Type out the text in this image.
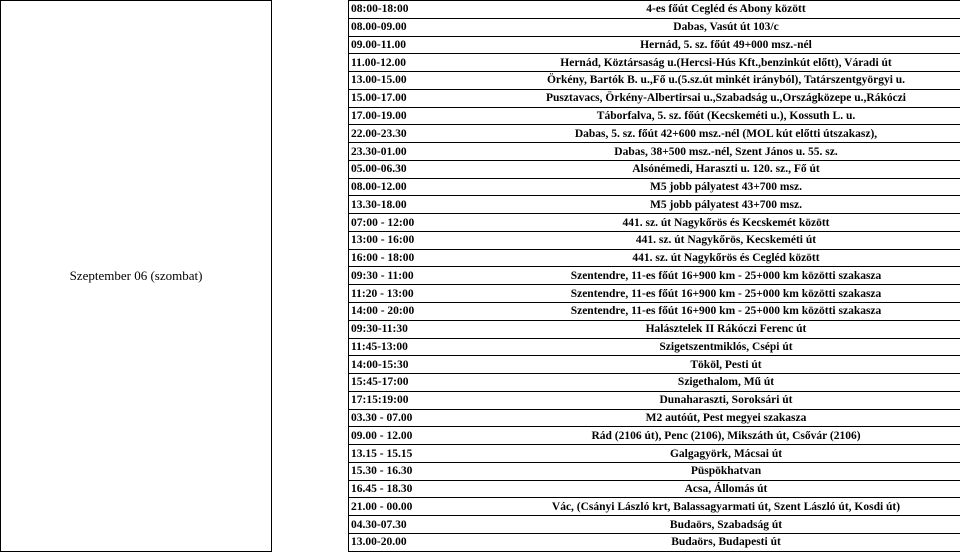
Szeptember 06 (szombat)		08:00-18:00	4-es főút Cegléd és Abony között	
		08.00-09.00	Dabas, Vasút út 103/c	
		09.00-11.00	Hernád, 5. sz. főút 49+000 msz.-nél	
		11.00-12.00	Hernád, Köztársaság u.(Hercsi-Hús Kft.,benzinkút előtt), Váradi út	
		13.00-15.00	Örkény, Bartók B. u.,Fő u.(5.sz.út minkét irányból), Tatárszentgyörgyi u.	
		15.00-17.00	Pusztavacs, Örkény-Albertirsai u.,Szabadság u.,Országközepe u.,Rákóczi	
		17.00-19.00	Táborfalva, 5. sz. főút (Kecskeméti u.), Kossuth L. u.	
		22.00-23.30	Dabas, 5. sz. főút 42+600 msz.-nél (MOL kút előtti útszakasz),	
		23.30-01.00	Dabas, 38+500 msz.-nél, Szent János u. 55. sz.	
		05.00-06.30	Alsónémedi, Haraszti u. 120. sz., Fő út	
		08.00-12.00	M5 jobb pályatest 43+700 msz.	
		13.30-18.00	M5 jobb pályatest 43+700 msz.	
		07:00 - 12:00	441. sz. út Nagykőrös és Kecskemét között	
		13:00 - 16:00	441. sz. út Nagykőrös, Kecskeméti út	
		16:00 - 18:00	441. sz. út Nagykőrös és Cegléd között	
		09:30 - 11:00	Szentendre, 11-es főút 16+900 km - 25+000 km közötti szakasza	
		11:20 - 13:00	Szentendre, 11-es főút 16+900 km - 25+000 km közötti szakasza	
		14:00 - 20:00	Szentendre, 11-es főút 16+900 km - 25+000 km közötti szakasza	
		09:30-11:30	Halásztelek II Rákóczi Ferenc út	
		11:45-13:00	Szigetszentmiklós, Csépi út	
		14:00-15:30	Tököl, Pesti út	
		15:45-17:00	Szigethalom, Mű út	
		17:15:19:00	Dunaharaszti, Soroksári út	
		03.30 - 07.00	M2 autóút, Pest megyei szakasza	
		09.00 - 12.00	Rád (2106 út), Penc (2106), Mikszáth út, Csővár (2106)	
		13.15 - 15.15	Galgagyörk, Mácsai út	
		15.30 - 16.30	Püspökhatvan	
		16.45 - 18.30	Acsa, Állomás út	
		21.00 - 00.00	Vác, (Csányi László krt, Balassagyarmati út, Szent László út, Kosdi út)	
		04.30-07.30	Budaörs, Szabadság út	
		13.00-20.00	Budaörs, Budapesti út	
